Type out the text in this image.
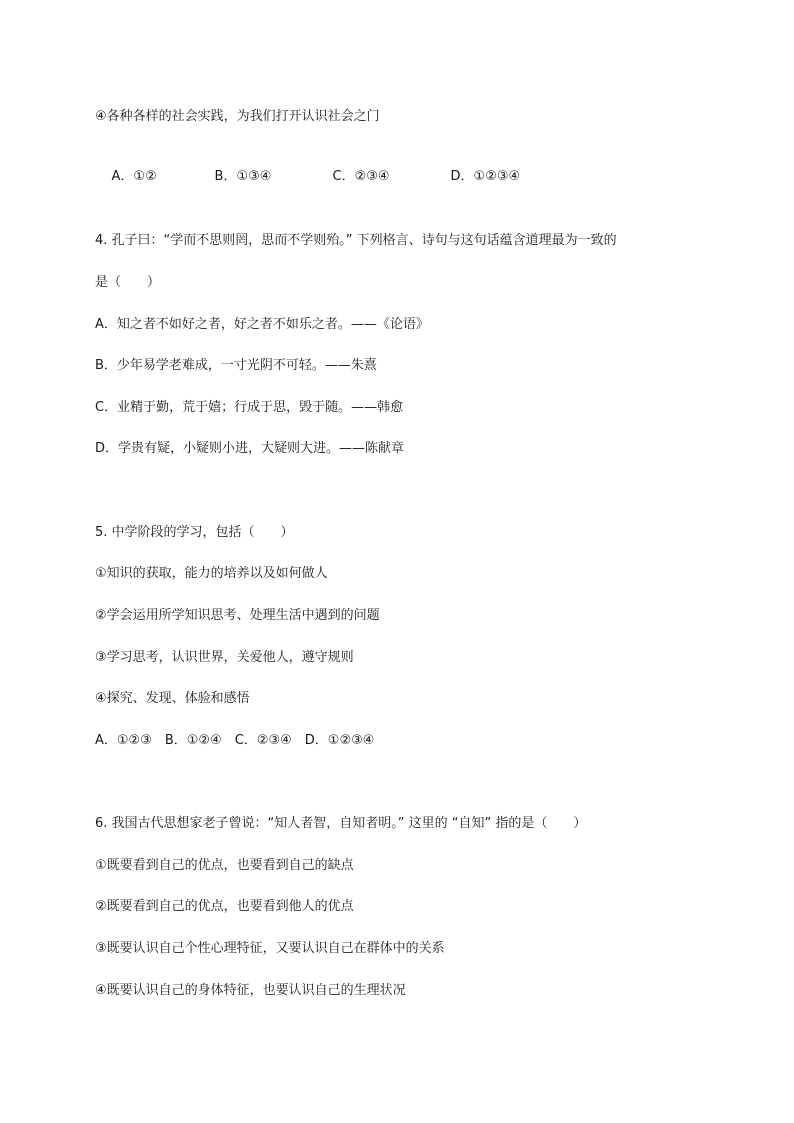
④各种各样的社会实践，为我们打开认识社会之门

A．①②	B．①③④	C．②③④	D．①②③④

4. 孔子曰：“学而不思则罔，思而不学则殆。” 下列格言、诗句与这句话蕴含道理最为一致的
是（　　）
A．知之者不如好之者，好之者不如乐之者。——《论语》
B．少年易学老难成，一寸光阴不可轻。——朱熹
C．业精于勤，荒于嬉；行成于思，毁于随。——韩愈
D．学贵有疑，小疑则小进，大疑则大进。——陈献章
5. 中学阶段的学习，包括（　　）
①知识的获取，能力的培养以及如何做人
②学会运用所学知识思考、处理生活中遇到的问题
③学习思考，认识世界，关爱他人，遵守规则
④探究、发现、体验和感悟
A．①②③　B．①②④　C．②③④　D．①②③④
6. 我国古代思想家老子曾说：“知人者智，自知者明。” 这里的 “自知” 指的是（　　）
①既要看到自己的优点，也要看到自己的缺点
②既要看到自己的优点，也要看到他人的优点
③既要认识自己个性心理特征，又要认识自己在群体中的关系
④既要认识自己的身体特征，也要认识自己的生理状况
